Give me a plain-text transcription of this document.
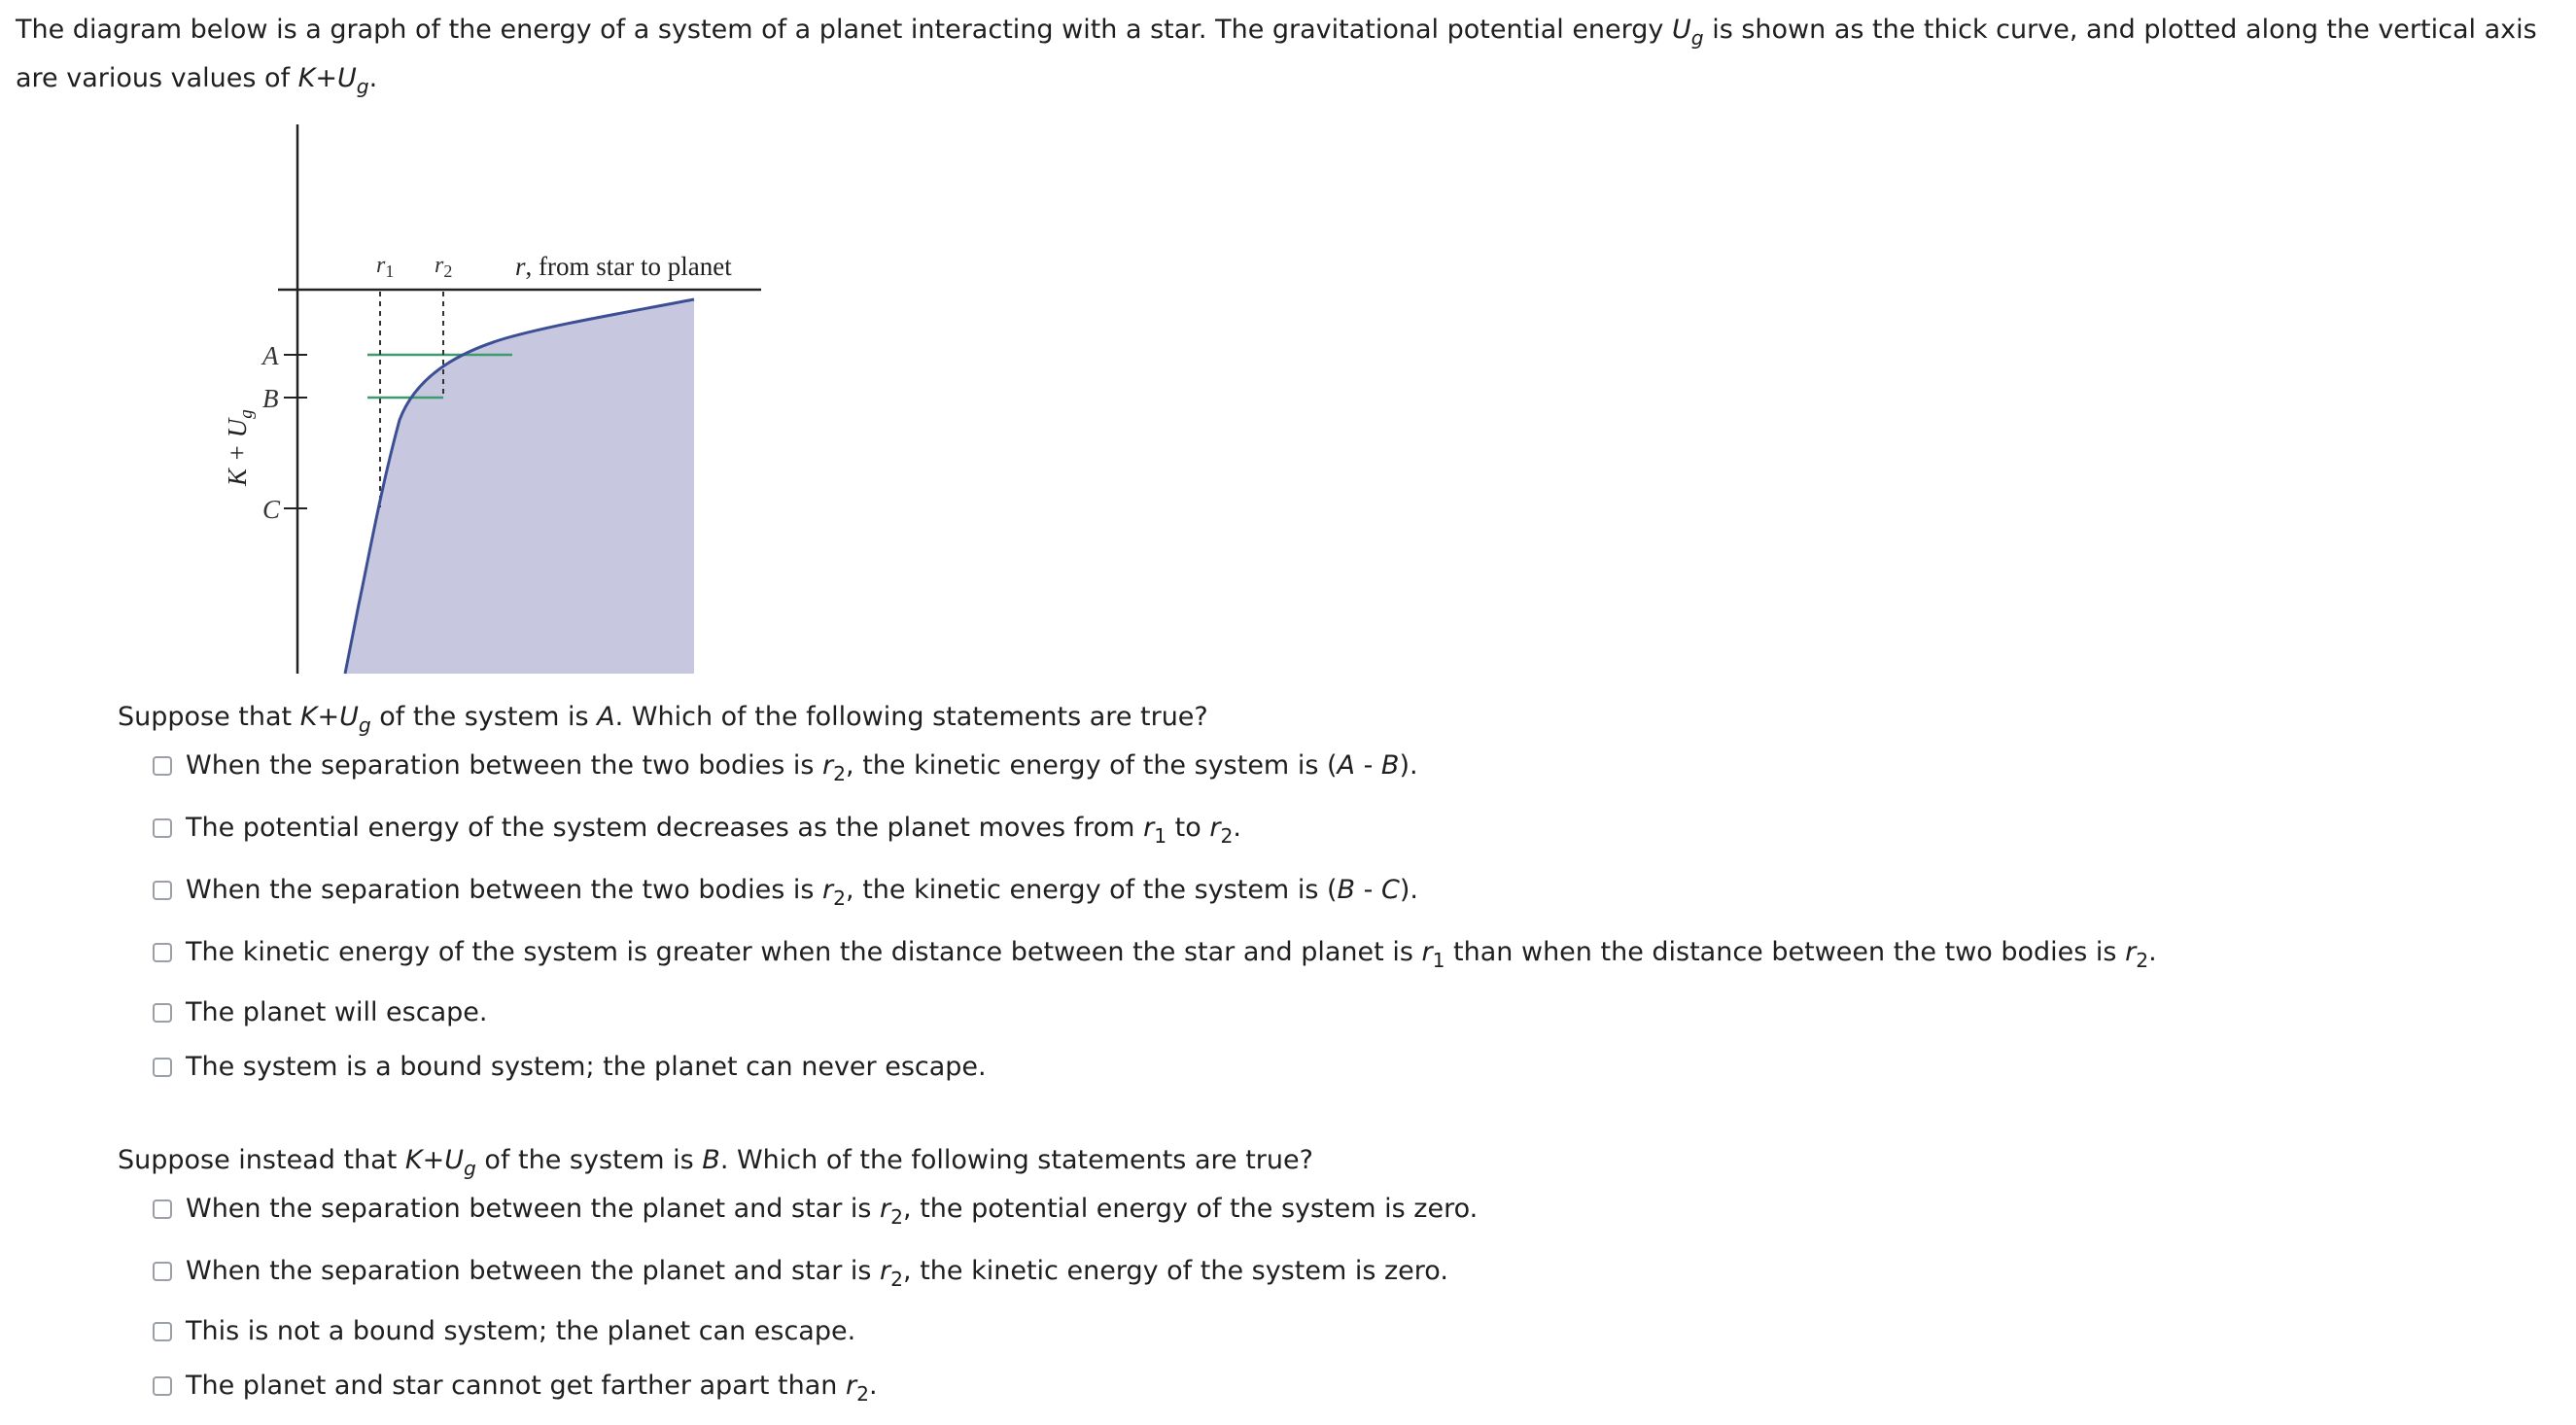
The diagram below is a graph of the energy of a system of a planet interacting with a star. The gravitational potential energy $U_g$ is shown as the thick curve, and plotted along the vertical axis are various values of $K+U_g$.
A
B
C
$r_1$ $r_2$ r, from star to planet
$K + U_g$
Suppose that $K+U_g$ of the system is A. Which of the following statements are true?
When the separation between the two bodies is $r_2$, the kinetic energy of the system is (A - B).
The potential energy of the system decreases as the planet moves from $r_1$ to $r_2$.
When the separation between the two bodies is $r_2$, the kinetic energy of the system is (B - C).
The kinetic energy of the system is greater when the distance between the star and planet is $r_1$ than when the distance between the two bodies is $r_2$.
The planet will escape.
The system is a bound system; the planet can never escape.
Suppose instead that $K+U_g$ of the system is B. Which of the following statements are true?
When the separation between the planet and star is $r_2$, the potential energy of the system is zero.
When the separation between the planet and star is $r_2$, the kinetic energy of the system is zero.
This is not a bound system; the planet can escape.
The planet and star cannot get farther apart than $r_2$.
